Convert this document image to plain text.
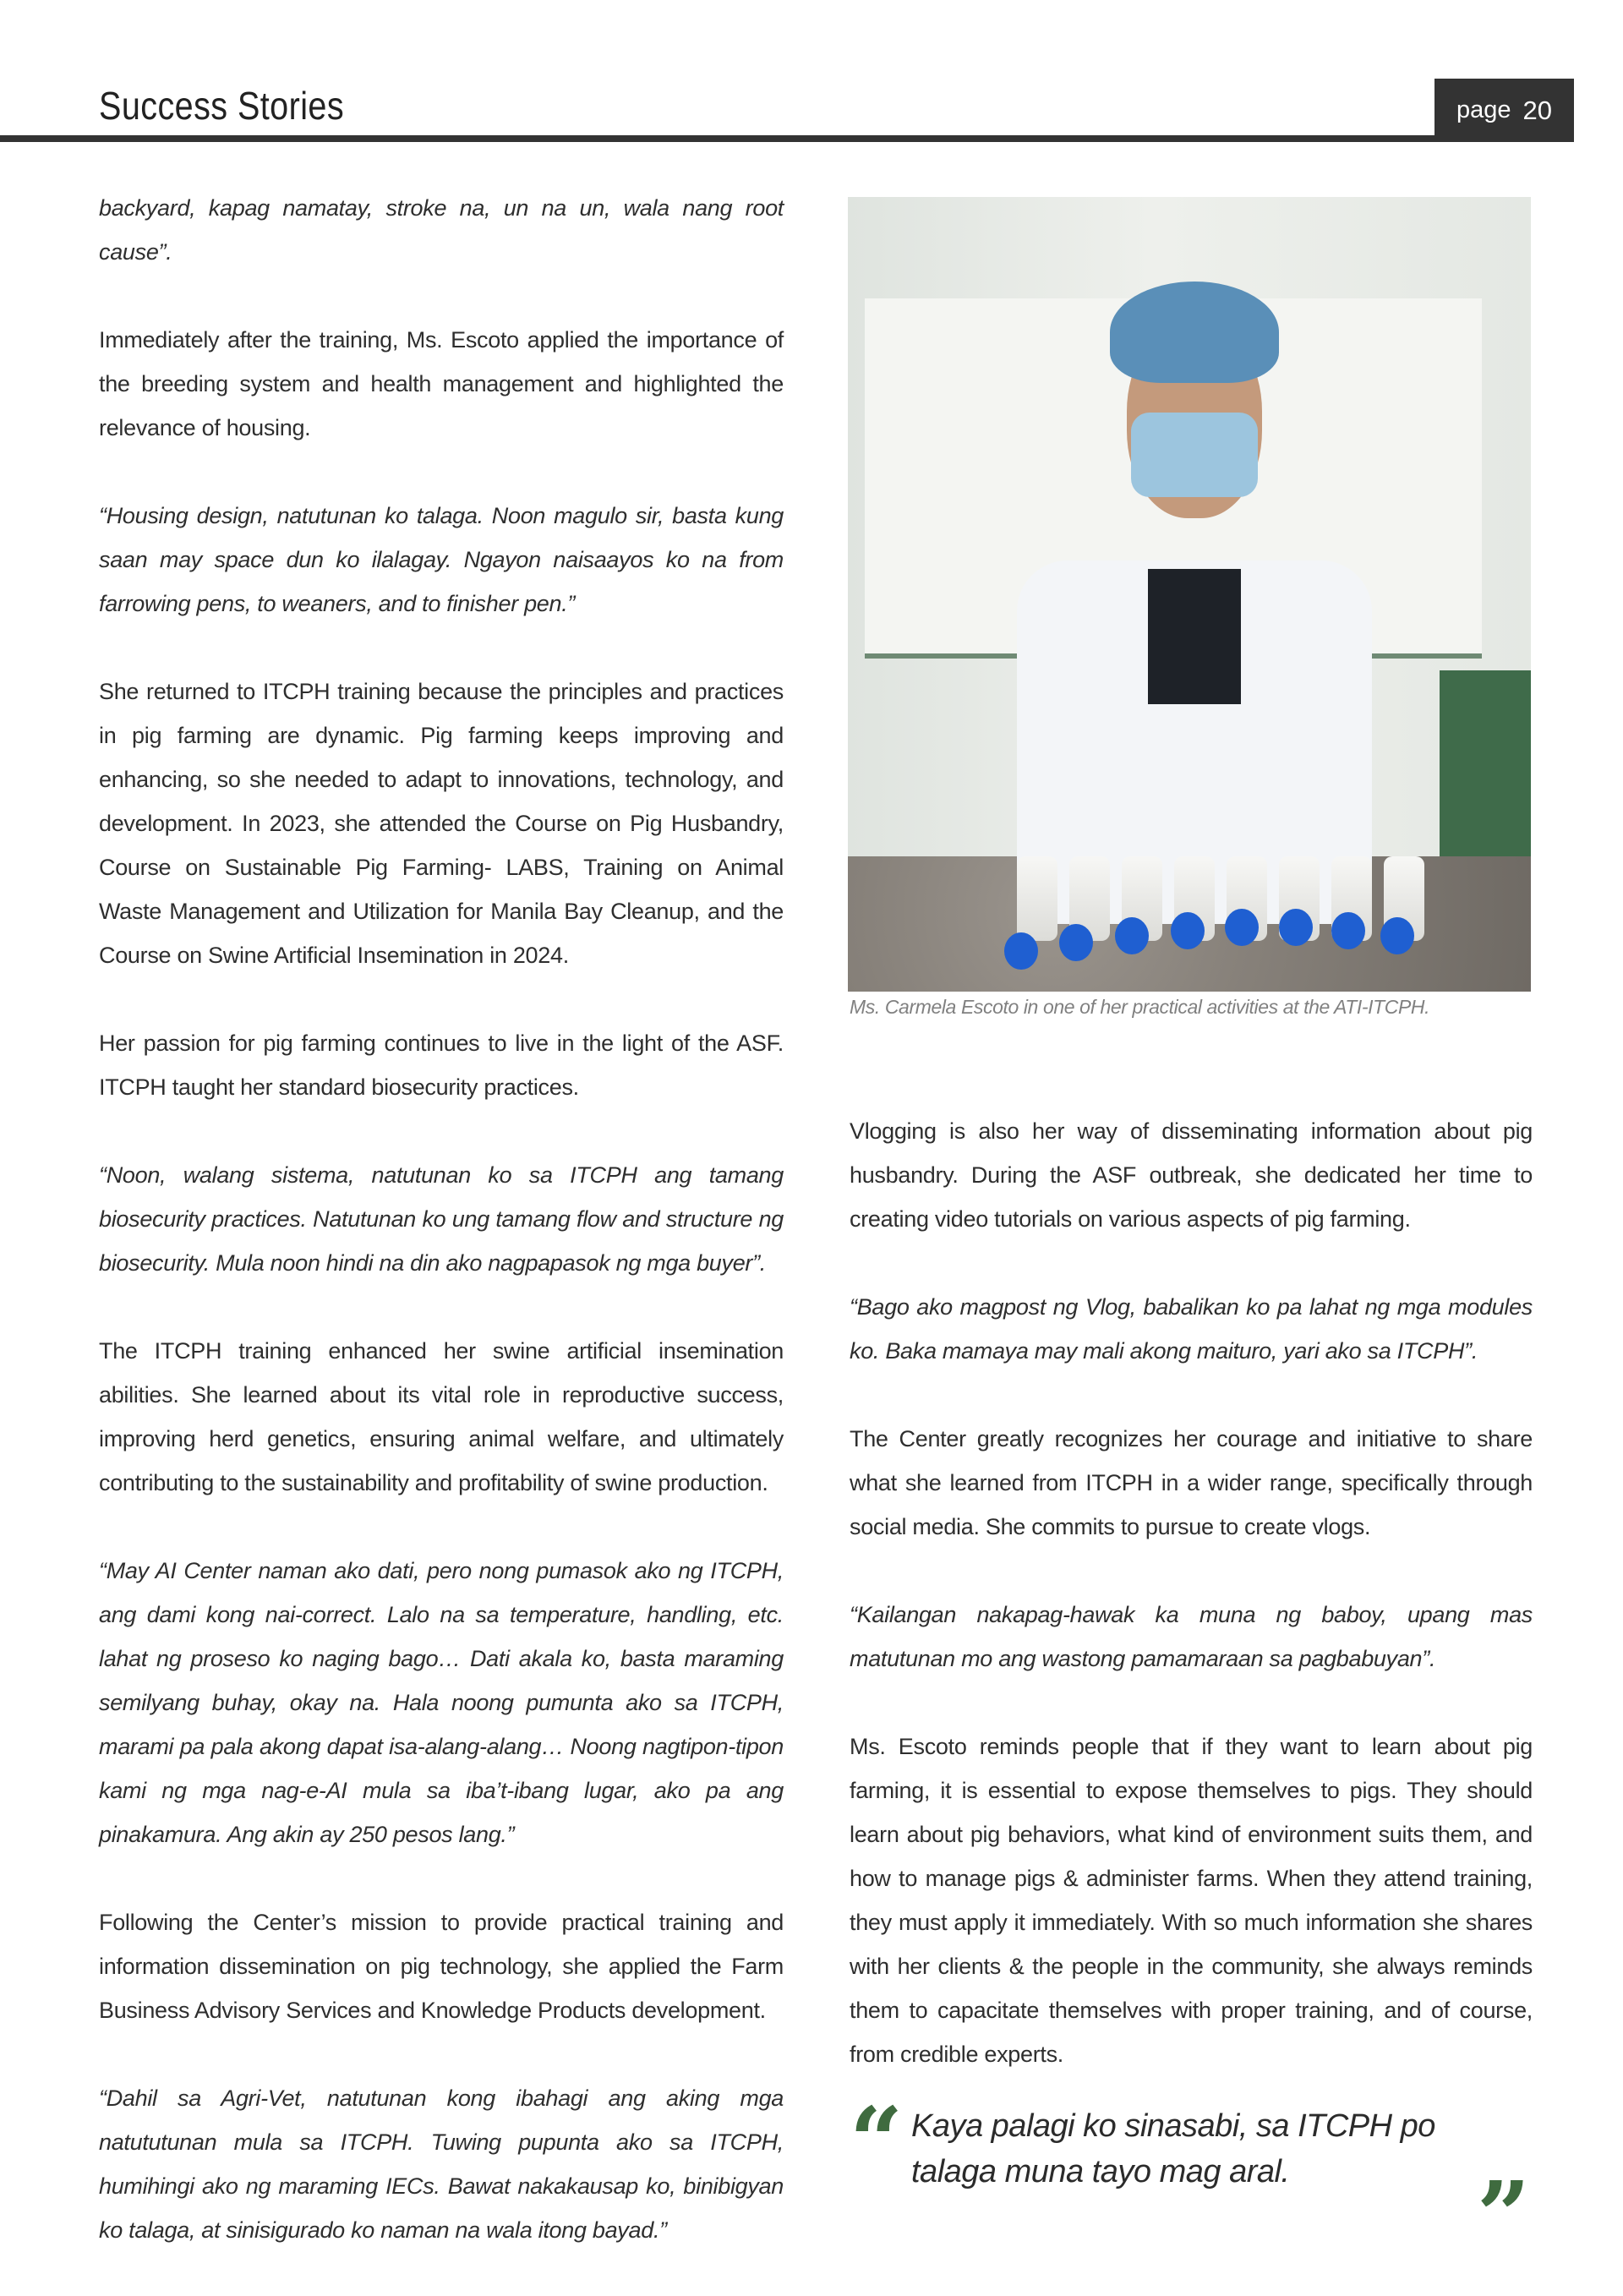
Success Stories	page 20

backyard, kapag namatay, stroke na, un na un, wala nang root cause”.

Immediately after the training, Ms. Escoto applied the importance of the breeding system and health management and highlighted the relevance of housing.

“Housing design, natutunan ko talaga. Noon magulo sir, basta kung saan may space dun ko ilalagay. Ngayon naisaayos ko na from farrowing pens, to weaners, and to finisher pen.”

She returned to ITCPH training because the principles and practices in pig farming are dynamic. Pig farming keeps improving and enhancing, so she needed to adapt to innovations, technology, and development. In 2023, she attended the Course on Pig Husbandry, Course on Sustainable Pig Farming- LABS, Training on Animal Waste Management and Utilization for Manila Bay Cleanup, and the Course on Swine Artificial Insemination in 2024.

Her passion for pig farming continues to live in the light of the ASF. ITCPH taught her standard biosecurity practices.

“Noon, walang sistema, natutunan ko sa ITCPH ang tamang biosecurity practices. Natutunan ko ung tamang flow and structure ng biosecurity. Mula noon hindi na din ako nagpapasok ng mga buyer”.

The ITCPH training enhanced her swine artificial insemination abilities. She learned about its vital role in reproductive success, improving herd genetics, ensuring animal welfare, and ultimately contributing to the sustainability and profitability of swine production.

“May AI Center naman ako dati, pero nong pumasok ako ng ITCPH, ang dami kong nai-correct. Lalo na sa temperature, handling, etc. lahat ng proseso ko naging bago… Dati akala ko, basta maraming semilyang buhay, okay na. Hala noong pumunta ako sa ITCPH, marami pa pala akong dapat isa-alang-alang… Noong nagtipon-tipon kami ng mga nag-e-AI mula sa iba’t-ibang lugar, ako pa ang pinakamura. Ang akin ay 250 pesos lang.”

Following the Center’s mission to provide practical training and information dissemination on pig technology, she applied the Farm Business Advisory Services and Knowledge Products development.

“Dahil sa Agri-Vet, natutunan kong ibahagi ang aking mga natututunan mula sa ITCPH. Tuwing pupunta ako sa ITCPH, humihingi ako ng maraming IECs. Bawat nakakausap ko, binibigyan ko talaga, at sinisigurado ko naman na wala itong bayad.”

Ms. Carmela Escoto in one of her practical activities at the ATI-ITCPH.

Vlogging is also her way of disseminating information about pig husbandry. During the ASF outbreak, she dedicated her time to creating video tutorials on various aspects of pig farming.

“Bago ako magpost ng Vlog, babalikan ko pa lahat ng mga modules ko. Baka mamaya may mali akong maituro, yari ako sa ITCPH”.

The Center greatly recognizes her courage and initiative to share what she learned from ITCPH in a wider range, specifically through social media. She commits to pursue to create vlogs.

“Kailangan nakapag-hawak ka muna ng baboy, upang mas matutunan mo ang wastong pamamaraan sa pagbabuyan”.

Ms. Escoto reminds people that if they want to learn about pig farming, it is essential to expose themselves to pigs. They should learn about pig behaviors, what kind of environment suits them, and how to manage pigs & administer farms. When they attend training, they must apply it immediately. With so much information she shares with her clients & the people in the community, she always reminds them to capacitate themselves with proper training, and of course, from credible experts.

“ Kaya palagi ko sinasabi, sa ITCPH po talaga muna tayo mag aral.	”
